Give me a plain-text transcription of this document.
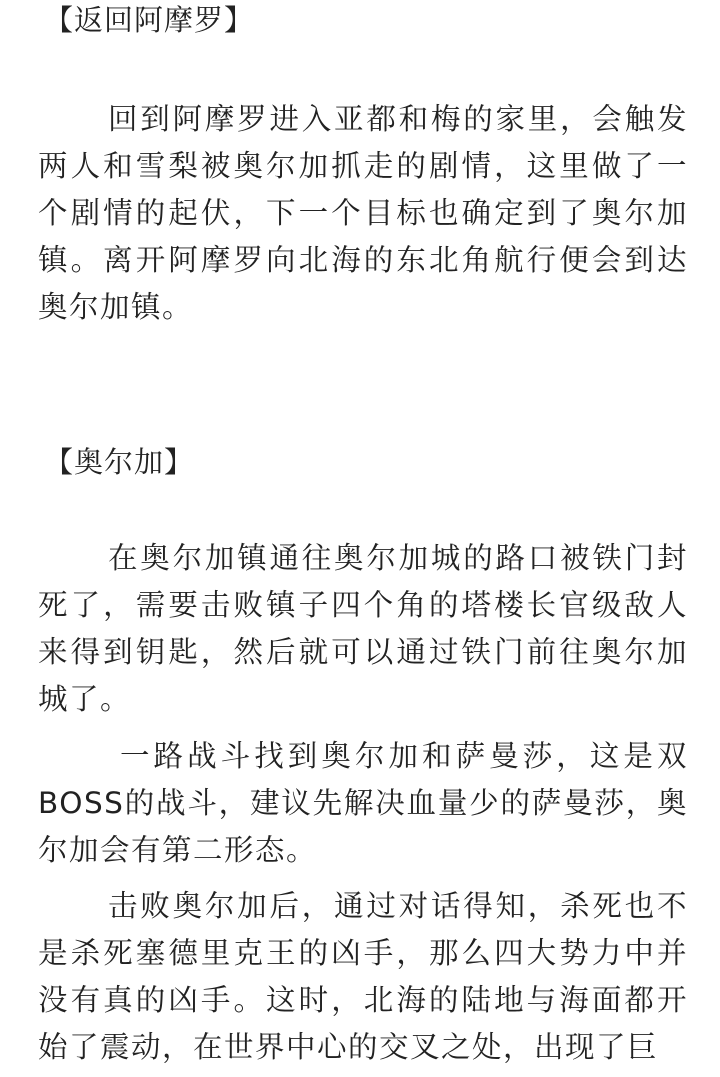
【返回阿摩罗】

回到阿摩罗进入亚都和梅的家里，会触发两人和雪梨被奥尔加抓走的剧情，这里做了一个剧情的起伏，下一个目标也确定到了奥尔加镇。离开阿摩罗向北海的东北角航行便会到达奥尔加镇。

【奥尔加】

在奥尔加镇通往奥尔加城的路口被铁门封死了，需要击败镇子四个角的塔楼长官级敌人来得到钥匙，然后就可以通过铁门前往奥尔加城了。

一路战斗找到奥尔加和萨曼莎，这是双BOSS的战斗，建议先解决血量少的萨曼莎，奥尔加会有第二形态。

击败奥尔加后，通过对话得知，杀死也不是杀死塞德里克王的凶手，那么四大势力中并没有真的凶手。这时，北海的陆地与海面都开始了震动，在世界中心的交叉之处，出现了巨
